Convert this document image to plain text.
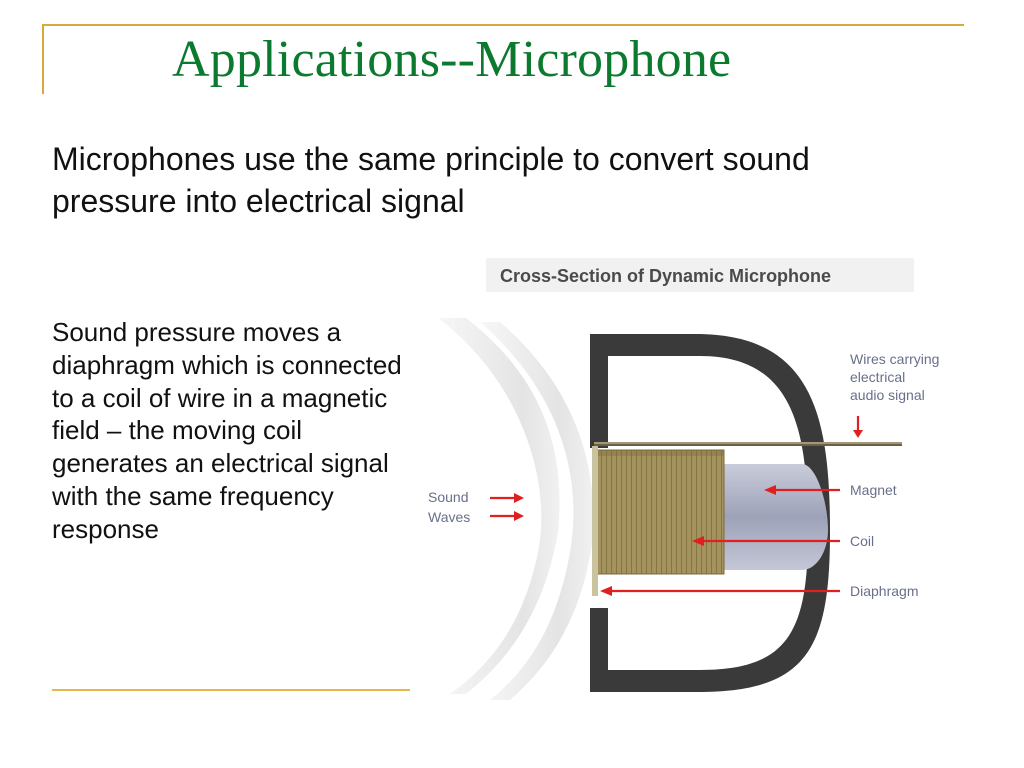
Applications--Microphone

Microphones use the same principle to convert sound pressure into electrical signal

Sound pressure moves a diaphragm which is connected to a coil of wire in a magnetic field – the moving coil generates an electrical signal with the same frequency response

Cross-Section of Dynamic Microphone
Sound
Waves
Wires carrying
electrical
audio signal
Magnet
Coil
Diaphragm
